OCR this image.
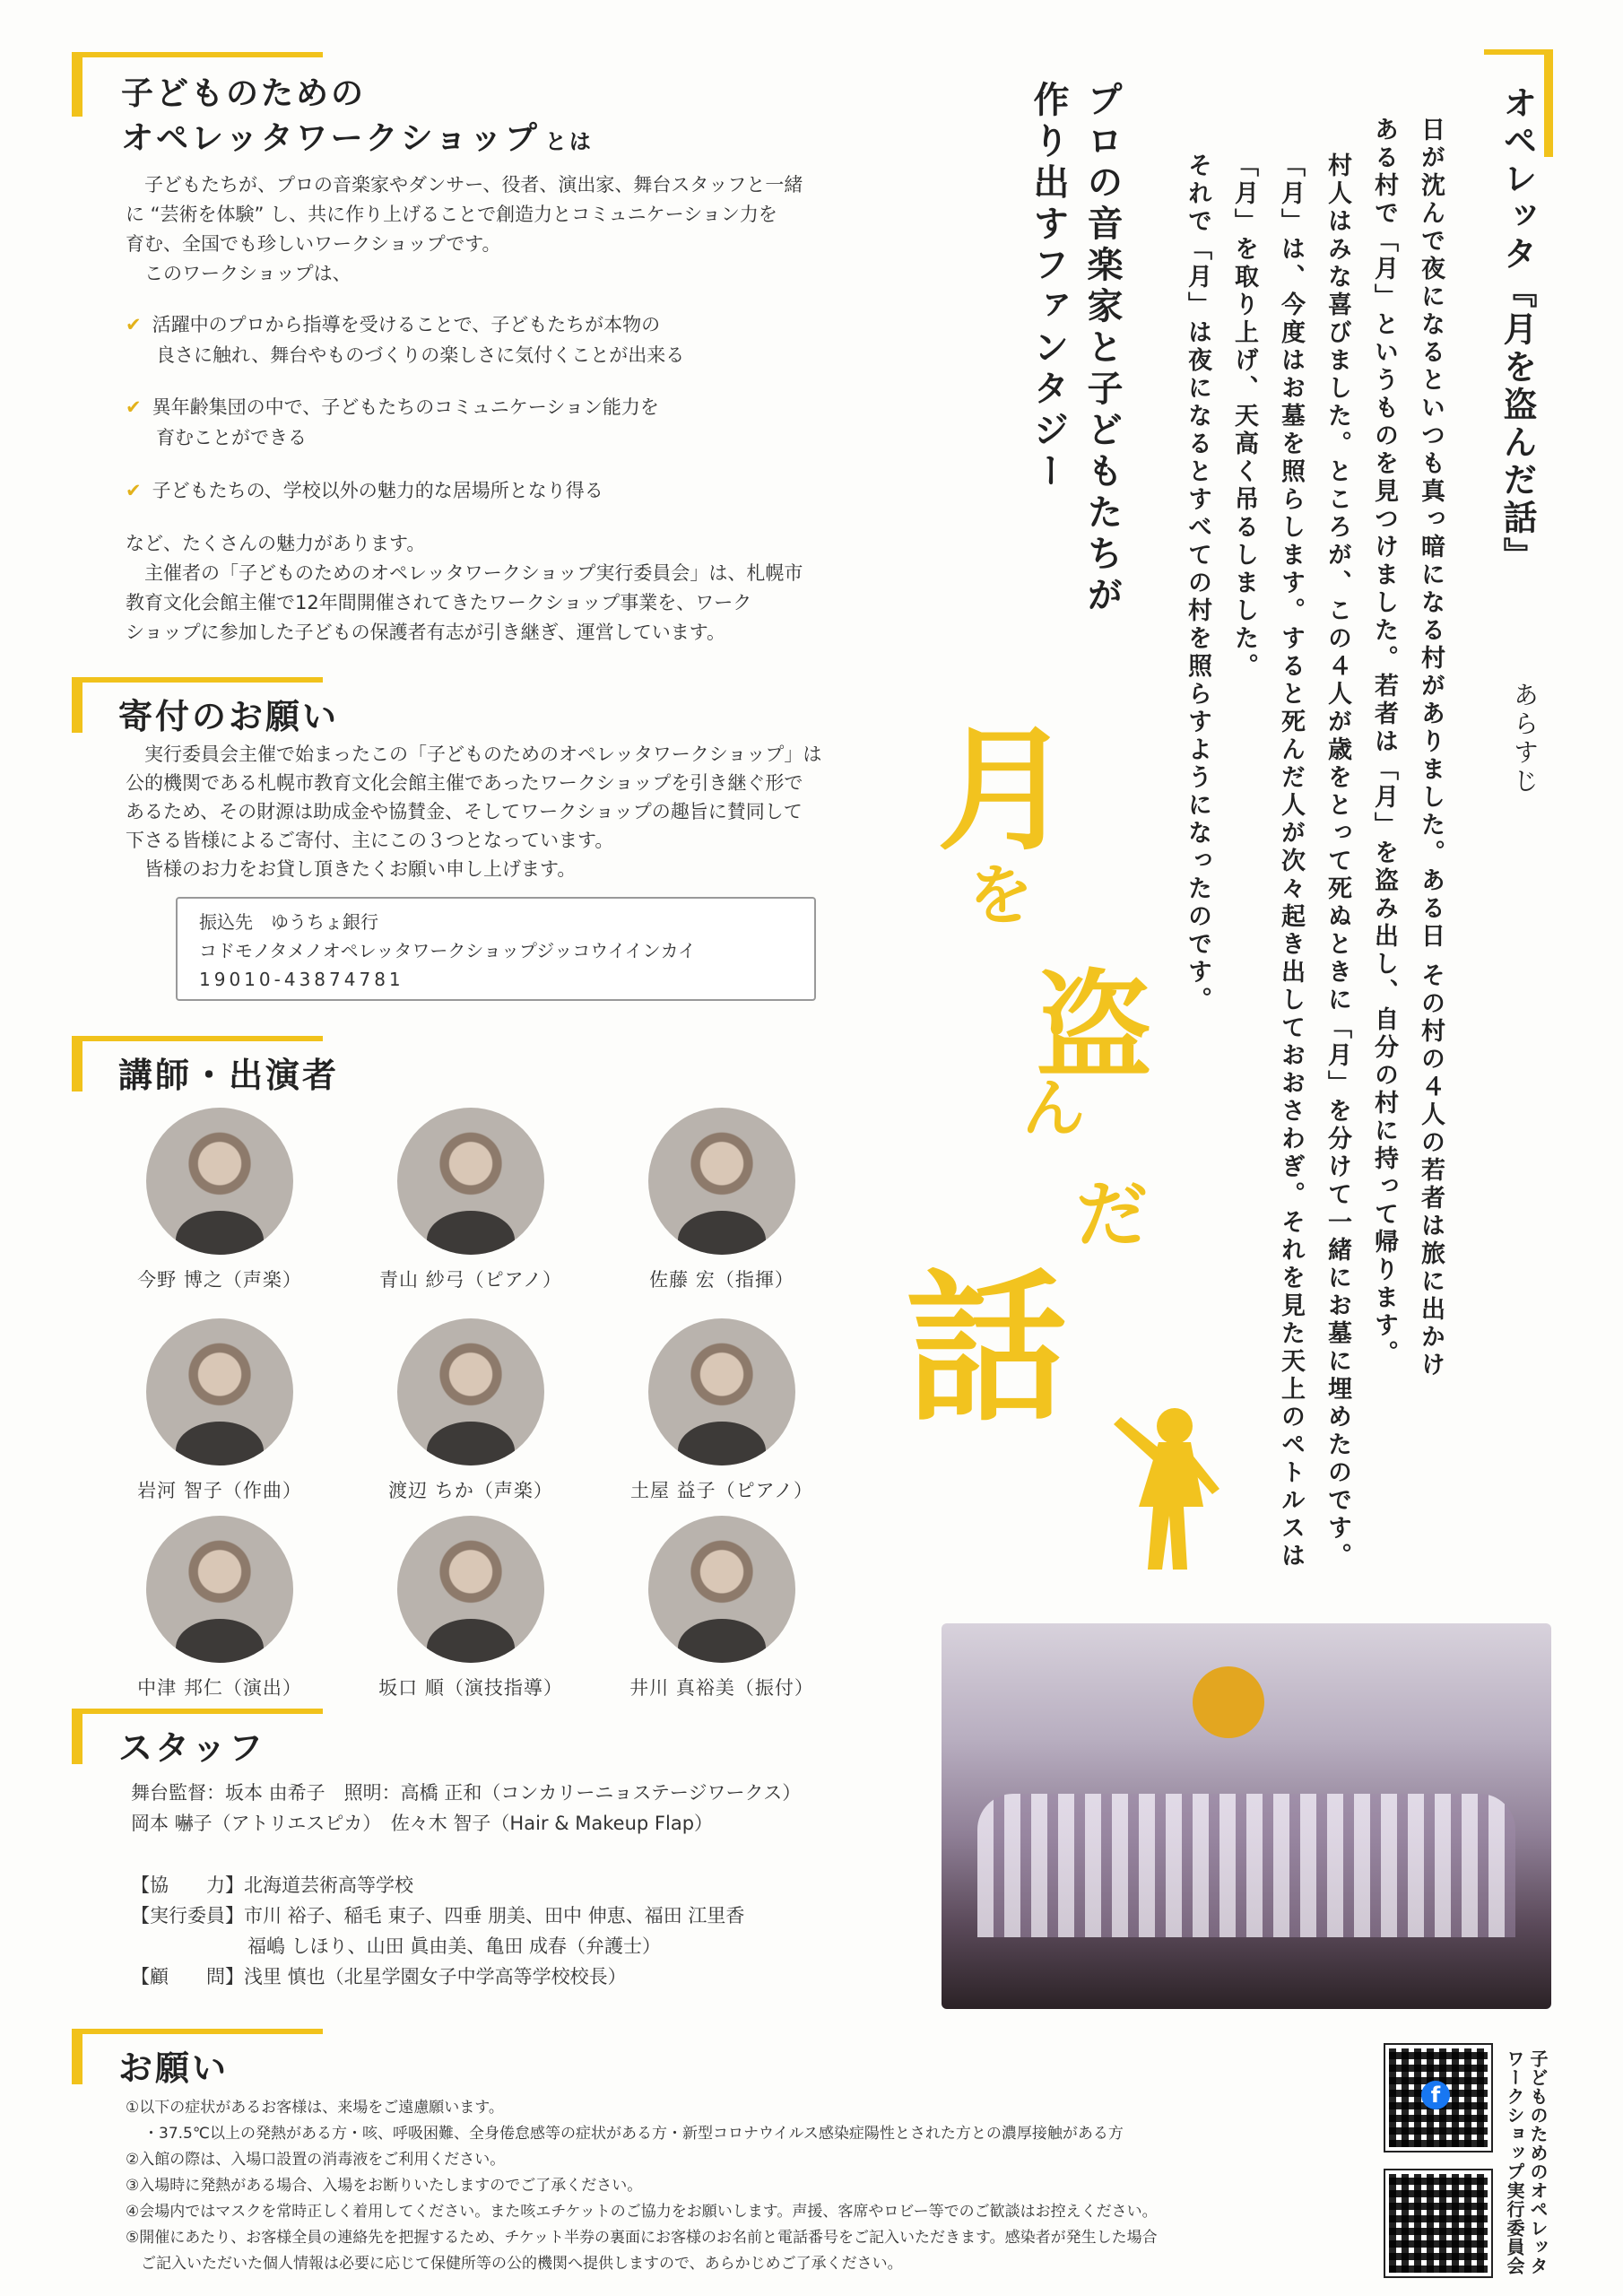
子どものための
オペレッタワークショップ とは
　子どもたちが、プロの音楽家やダンサー、役者、演出家、舞台スタッフと一緒
に “芸術を体験” し、共に作り上げることで創造力とコミュニケーション力を
育む、全国でも珍しいワークショップです。
　このワークショップは、
✔ 活躍中のプロから指導を受けることで、子どもたちが本物の
良さに触れ、舞台やものづくりの楽しさに気付くことが出来る
✔ 異年齢集団の中で、子どもたちのコミュニケーション能力を
育むことができる
✔ 子どもたちの、学校以外の魅力的な居場所となり得る
など、たくさんの魅力があります。
　主催者の「子どものためのオペレッタワークショップ実行委員会」は、札幌市
教育文化会館主催で12年間開催されてきたワークショップ事業を、ワーク
ショップに参加した子どもの保護者有志が引き継ぎ、運営しています。
寄付のお願い
　実行委員会主催で始まったこの「子どものためのオペレッタワークショップ」は
公的機関である札幌市教育文化会館主催であったワークショップを引き継ぐ形で
あるため、その財源は助成金や協賛金、そしてワークショップの趣旨に賛同して
下さる皆様によるご寄付、主にこの３つとなっています。
　皆様のお力をお貸し頂きたくお願い申し上げます。
振込先　ゆうちょ銀行
コドモノタメノオペレッタワークショップジッコウイインカイ
19010-43874781
講師・出演者
今野 博之（声楽）	青山 紗弓（ピアノ）	佐藤 宏（指揮）
岩河 智子（作曲）	渡辺 ちか（声楽）	土屋 益子（ピアノ）
中津 邦仁（演出）	坂口 順（演技指導）	井川 真裕美（振付）
スタッフ
舞台監督：坂本 由希子　照明：高橋 正和（コンカリーニョステージワークス）
岡本 嚇子（アトリエスピカ）　佐々木 智子（Hair & Makeup Flap）
【協　　力】北海道芸術高等学校
【実行委員】市川 裕子、稲毛 東子、四垂 朋美、田中 伸恵、福田 江里香
福嶋 しほり、山田 眞由美、亀田 成春（弁護士）
【顧　　問】浅里 慎也（北星学園女子中学高等学校校長）
お願い
①以下の症状があるお客様は、来場をご遠慮願います。
・37.5℃以上の発熱がある方・咳、呼吸困難、全身倦怠感等の症状がある方・新型コロナウイルス感染症陽性とされた方との濃厚接触がある方
②入館の際は、入場口設置の消毒液をご利用ください。
③入場時に発熱がある場合、入場をお断りいたしますのでご了承ください。
④会場内ではマスクを常時正しく着用してください。また咳エチケットのご協力をお願いします。声援、客席やロビー等でのご歓談はお控えください。
⑤開催にあたり、お客様全員の連絡先を把握するため、チケット半券の裏面にお客様のお名前と電話番号をご記入いただきます。感染者が発生した場合
　ご記入いただいた個人情報は必要に応じて保健所等の公的機関へ提供しますので、あらかじめご了承ください。
オペレッタ『月を盗んだ話』
あらすじ
日が沈んで夜になるといつも真っ暗になる村がありました。ある日 その村の４人の若者は旅に出かけ
ある村で「月」というものを見つけました。若者は「月」を盗み出し、自分の村に持って帰ります。
村人はみな喜びました。ところが、この４人が歳をとって死ぬときに「月」を分けて一緒にお墓に埋めたのです。
「月」は、今度はお墓を照らします。すると死んだ人が次々起き出しておおさわぎ。それを見た天上のペトルスは
「月」を取り上げ、天高く吊るしました。
それで「月」は夜になるとすべての村を照らすようになったのです。
プロの音楽家と子どもたちが
作り出すファンタジー
月
を
盗
ん
だ
話
f	子どものためのオペレッタ
ワークショップ実行委員会
